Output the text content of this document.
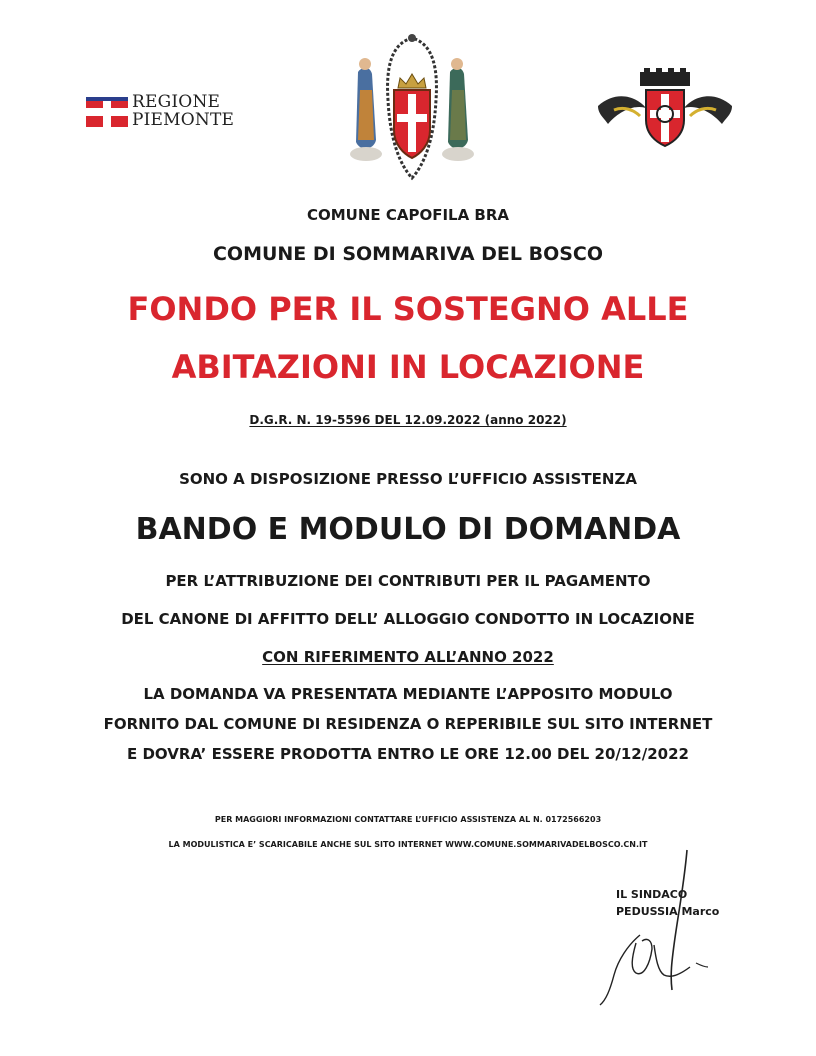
REGIONE
PIEMONTE
COMUNE CAPOFILA BRA
COMUNE DI SOMMARIVA DEL BOSCO
FONDO PER IL SOSTEGNO ALLE
ABITAZIONI IN LOCAZIONE
D.G.R. N. 19-5596 DEL 12.09.2022 (anno 2022)
SONO A DISPOSIZIONE PRESSO L’UFFICIO ASSISTENZA
BANDO E MODULO DI DOMANDA
PER L’ATTRIBUZIONE DEI CONTRIBUTI PER IL PAGAMENTO
DEL CANONE DI AFFITTO DELL’ ALLOGGIO CONDOTTO IN LOCAZIONE
CON RIFERIMENTO ALL’ANNO 2022
LA DOMANDA VA PRESENTATA MEDIANTE L’APPOSITO MODULO
FORNITO DAL COMUNE DI RESIDENZA O REPERIBILE SUL SITO INTERNET
E DOVRA’ ESSERE PRODOTTA ENTRO LE ORE 12.00 DEL 20/12/2022
PER MAGGIORI INFORMAZIONI CONTATTARE L’UFFICIO ASSISTENZA AL N. 0172566203
LA MODULISTICA E’ SCARICABILE ANCHE SUL SITO INTERNET WWW.COMUNE.SOMMARIVADELBOSCO.CN.IT
IL SINDACO
PEDUSSIA Marco
